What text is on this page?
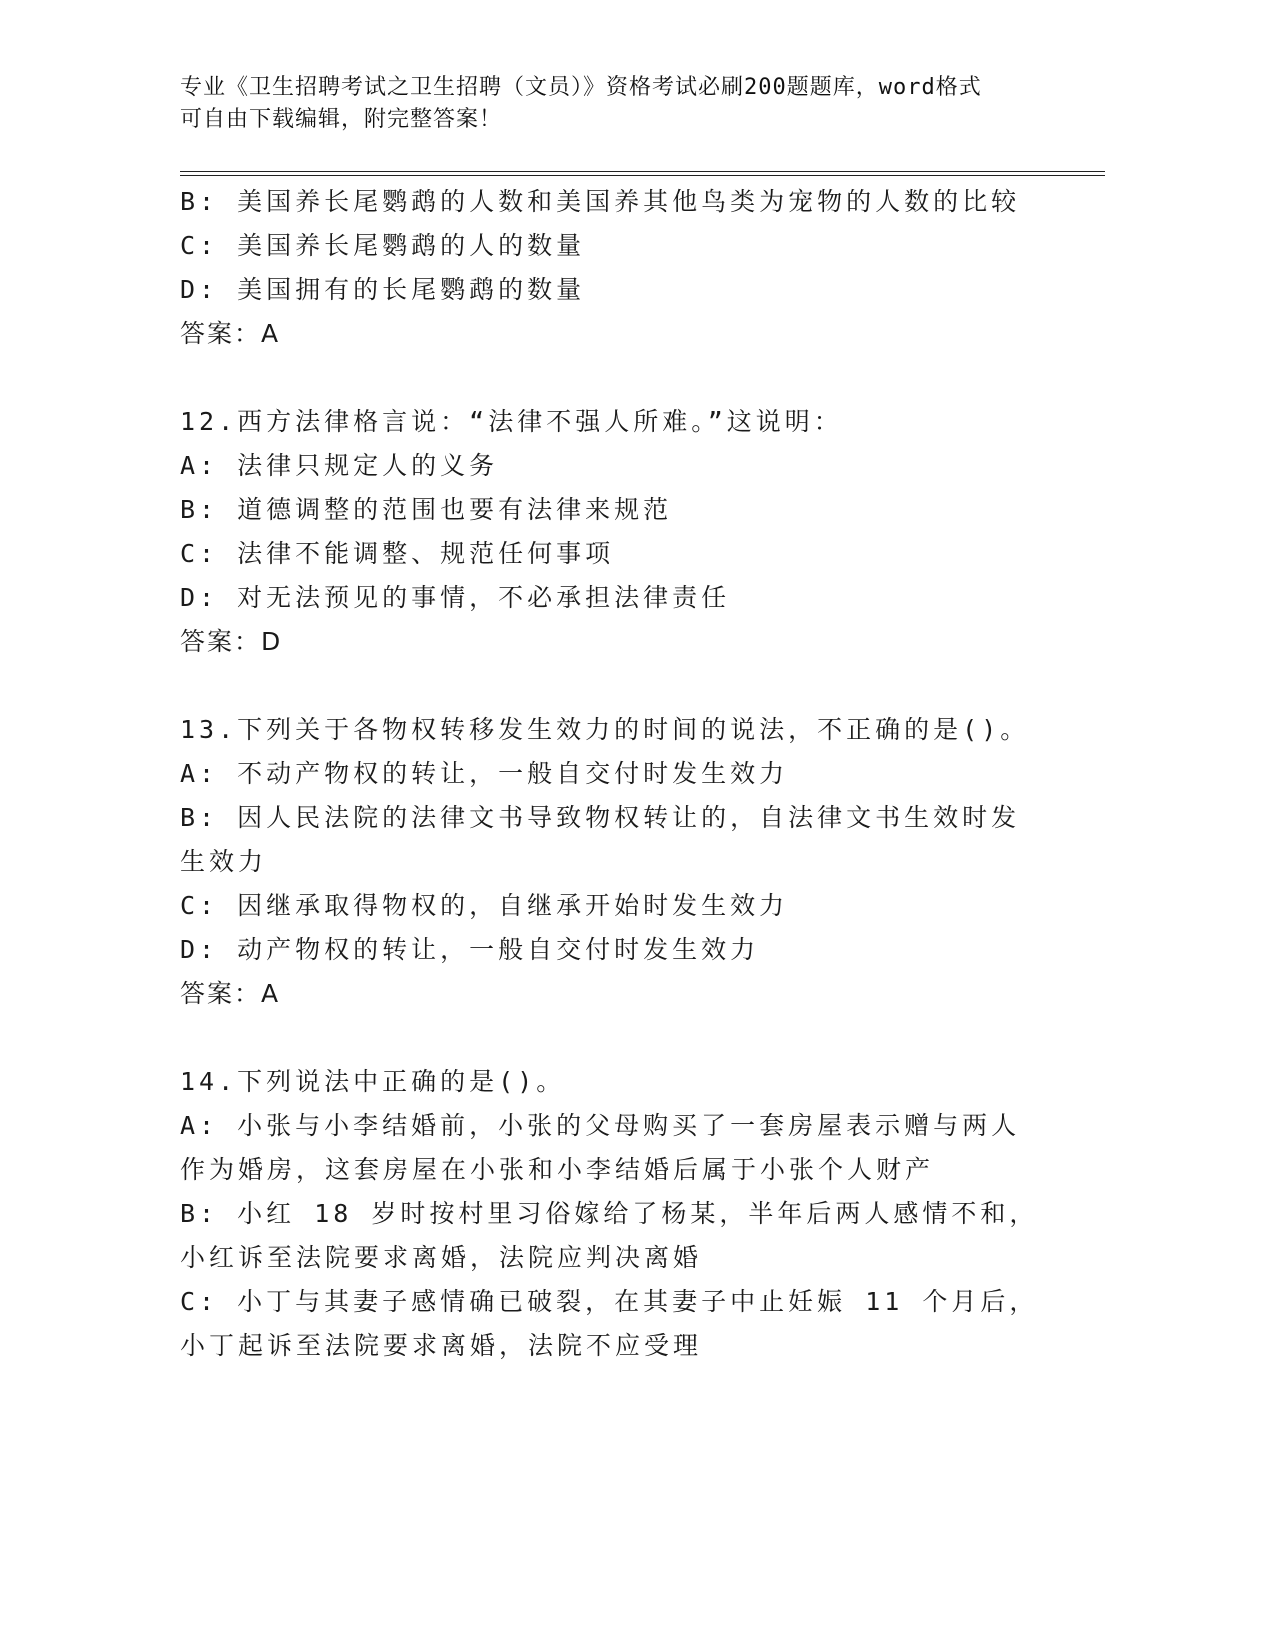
专业《卫生招聘考试之卫生招聘（文员）》资格考试必刷200题题库，word格式
可自由下载编辑，附完整答案！
B: 美国养长尾鹦鹉的人数和美国养其他鸟类为宠物的人数的比较
C: 美国养长尾鹦鹉的人的数量
D: 美国拥有的长尾鹦鹉的数量
答案：A
12.西方法律格言说：“法律不强人所难。”这说明：
A: 法律只规定人的义务
B: 道德调整的范围也要有法律来规范
C: 法律不能调整、规范任何事项
D: 对无法预见的事情，不必承担法律责任
答案：D
13.下列关于各物权转移发生效力的时间的说法，不正确的是()。
A: 不动产物权的转让，一般自交付时发生效力
B: 因人民法院的法律文书导致物权转让的，自法律文书生效时发生效力
C: 因继承取得物权的，自继承开始时发生效力
D: 动产物权的转让，一般自交付时发生效力
答案：A
14.下列说法中正确的是()。
A: 小张与小李结婚前，小张的父母购买了一套房屋表示赠与两人作为婚房，这套房屋在小张和小李结婚后属于小张个人财产
B: 小红 18 岁时按村里习俗嫁给了杨某，半年后两人感情不和，小红诉至法院要求离婚，法院应判决离婚
C: 小丁与其妻子感情确已破裂，在其妻子中止妊娠 11 个月后，小丁起诉至法院要求离婚，法院不应受理
